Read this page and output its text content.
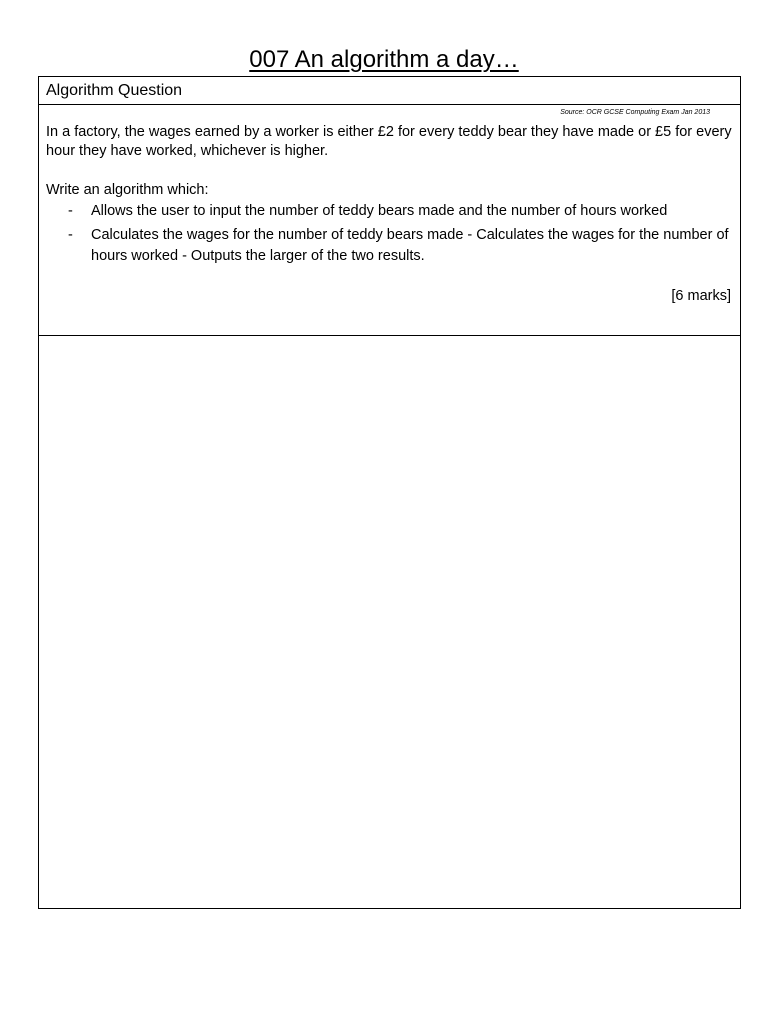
007 An algorithm a day…
Algorithm Question
Source: OCR GCSE Computing Exam Jan 2013

In a factory, the wages earned by a worker is either £2 for every teddy bear they have made or £5 for every hour they have worked, whichever is higher.

Write an algorithm which:

- Allows the user to input the number of teddy bears made and the number of hours worked
- Calculates the wages for the number of teddy bears made - Calculates the wages for the number of hours worked - Outputs the larger of the two results.
[6 marks]
